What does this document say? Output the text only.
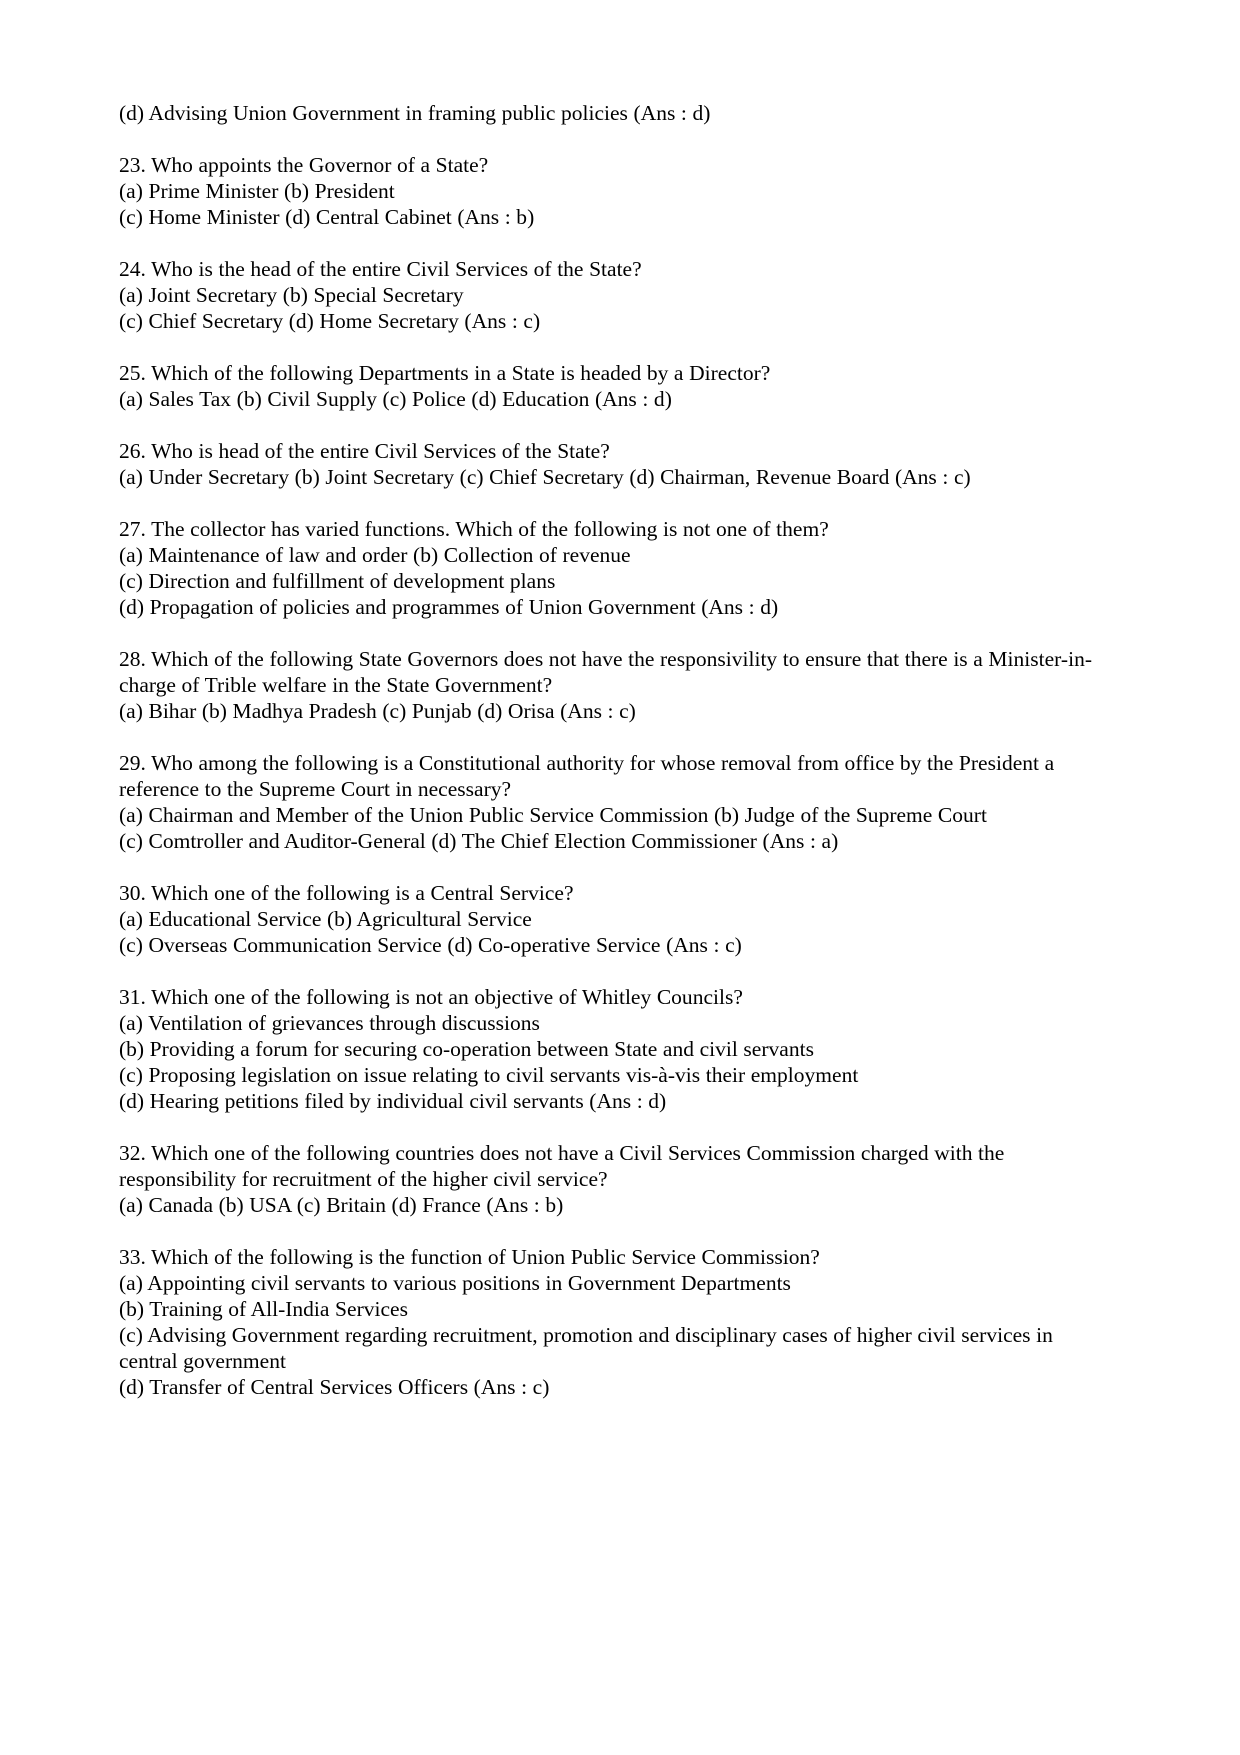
(d) Advising Union Government in framing public policies (Ans : d)
23. Who appoints the Governor of a State?
(a) Prime Minister (b) President
(c) Home Minister (d) Central Cabinet (Ans : b)
24. Who is the head of the entire Civil Services of the State?
(a) Joint Secretary (b) Special Secretary
(c) Chief Secretary (d) Home Secretary (Ans : c)
25. Which of the following Departments in a State is headed by a Director?
(a) Sales Tax (b) Civil Supply (c) Police (d) Education (Ans : d)
26. Who is head of the entire Civil Services of the State?
(a) Under Secretary (b) Joint Secretary (c) Chief Secretary (d) Chairman, Revenue Board (Ans : c)
27. The collector has varied functions. Which of the following is not one of them?
(a) Maintenance of law and order (b) Collection of revenue
(c) Direction and fulfillment of development plans
(d) Propagation of policies and programmes of Union Government (Ans : d)
28. Which of the following State Governors does not have the responsivility to ensure that there is a Minister-in-charge of Trible welfare in the State Government?
(a) Bihar (b) Madhya Pradesh (c) Punjab (d) Orisa (Ans : c)
29. Who among the following is a Constitutional authority for whose removal from office by the President a reference to the Supreme Court in necessary?
(a) Chairman and Member of the Union Public Service Commission (b) Judge of the Supreme Court
(c) Comtroller and Auditor-General (d) The Chief Election Commissioner (Ans : a)
30. Which one of the following is a Central Service?
(a) Educational Service (b) Agricultural Service
(c) Overseas Communication Service (d) Co-operative Service (Ans : c)
31. Which one of the following is not an objective of Whitley Councils?
(a) Ventilation of grievances through discussions
(b) Providing a forum for securing co-operation between State and civil servants
(c) Proposing legislation on issue relating to civil servants vis-à-vis their employment
(d) Hearing petitions filed by individual civil servants (Ans : d)
32. Which one of the following countries does not have a Civil Services Commission charged with the responsibility for recruitment of the higher civil service?
(a) Canada (b) USA (c) Britain (d) France (Ans : b)
33. Which of the following is the function of Union Public Service Commission?
(a) Appointing civil servants to various positions in Government Departments
(b) Training of All-India Services
(c) Advising Government regarding recruitment, promotion and disciplinary cases of higher civil services in central government
(d) Transfer of Central Services Officers (Ans : c)
